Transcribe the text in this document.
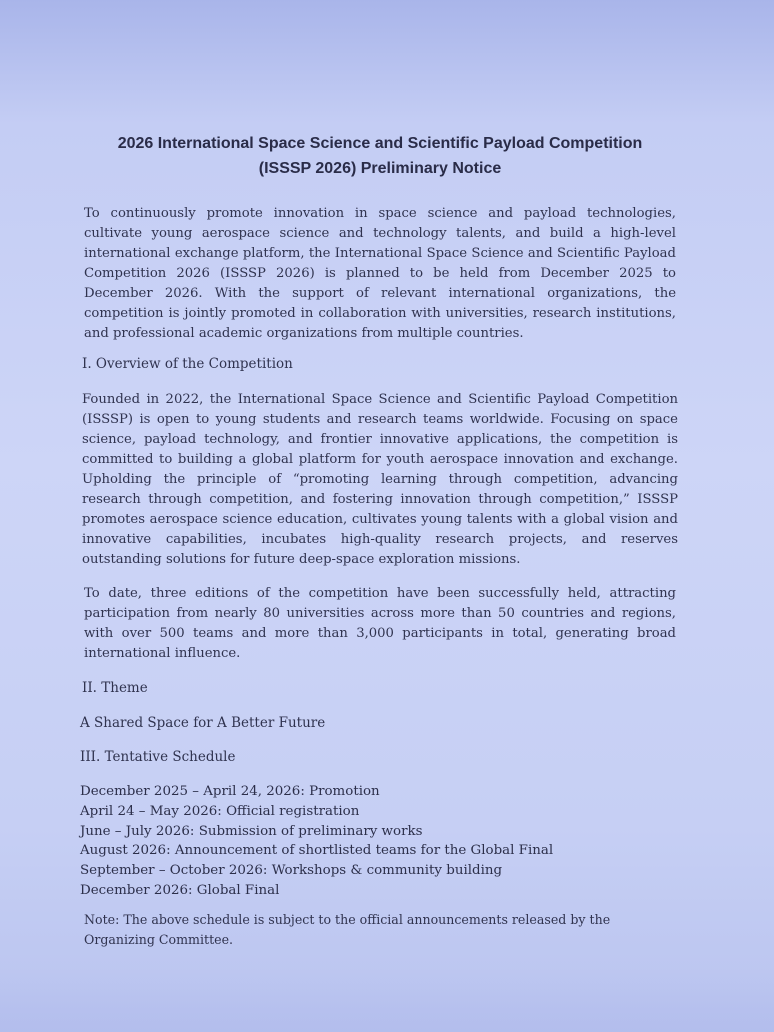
2026 International Space Science and Scientific Payload Competition
(ISSSP 2026) Preliminary Notice
To continuously promote innovation in space science and payload technologies, cultivate young aerospace science and technology talents, and build a high-level international exchange platform, the International Space Science and Scientific Payload Competition 2026 (ISSSP 2026) is planned to be held from December 2025 to December 2026. With the support of relevant international organizations, the competition is jointly promoted in collaboration with universities, research institutions, and professional academic organizations from multiple countries.
I. Overview of the Competition
Founded in 2022, the International Space Science and Scientific Payload Competition (ISSSP) is open to young students and research teams worldwide. Focusing on space science, payload technology, and frontier innovative applications, the competition is committed to building a global platform for youth aerospace innovation and exchange. Upholding the principle of “promoting learning through competition, advancing research through competition, and fostering innovation through competition,” ISSSP promotes aerospace science education, cultivates young talents with a global vision and innovative capabilities, incubates high-quality research projects, and reserves outstanding solutions for future deep-space exploration missions.
To date, three editions of the competition have been successfully held, attracting participation from nearly 80 universities across more than 50 countries and regions, with over 500 teams and more than 3,000 participants in total, generating broad international influence.
II. Theme
A Shared Space for A Better Future
III. Tentative Schedule
December 2025 – April 24, 2026: Promotion
April 24 – May 2026: Official registration
June – July 2026: Submission of preliminary works
August 2026: Announcement of shortlisted teams for the Global Final
September – October 2026: Workshops & community building
December 2026: Global Final
Note: The above schedule is subject to the official announcements released by the Organizing Committee.
